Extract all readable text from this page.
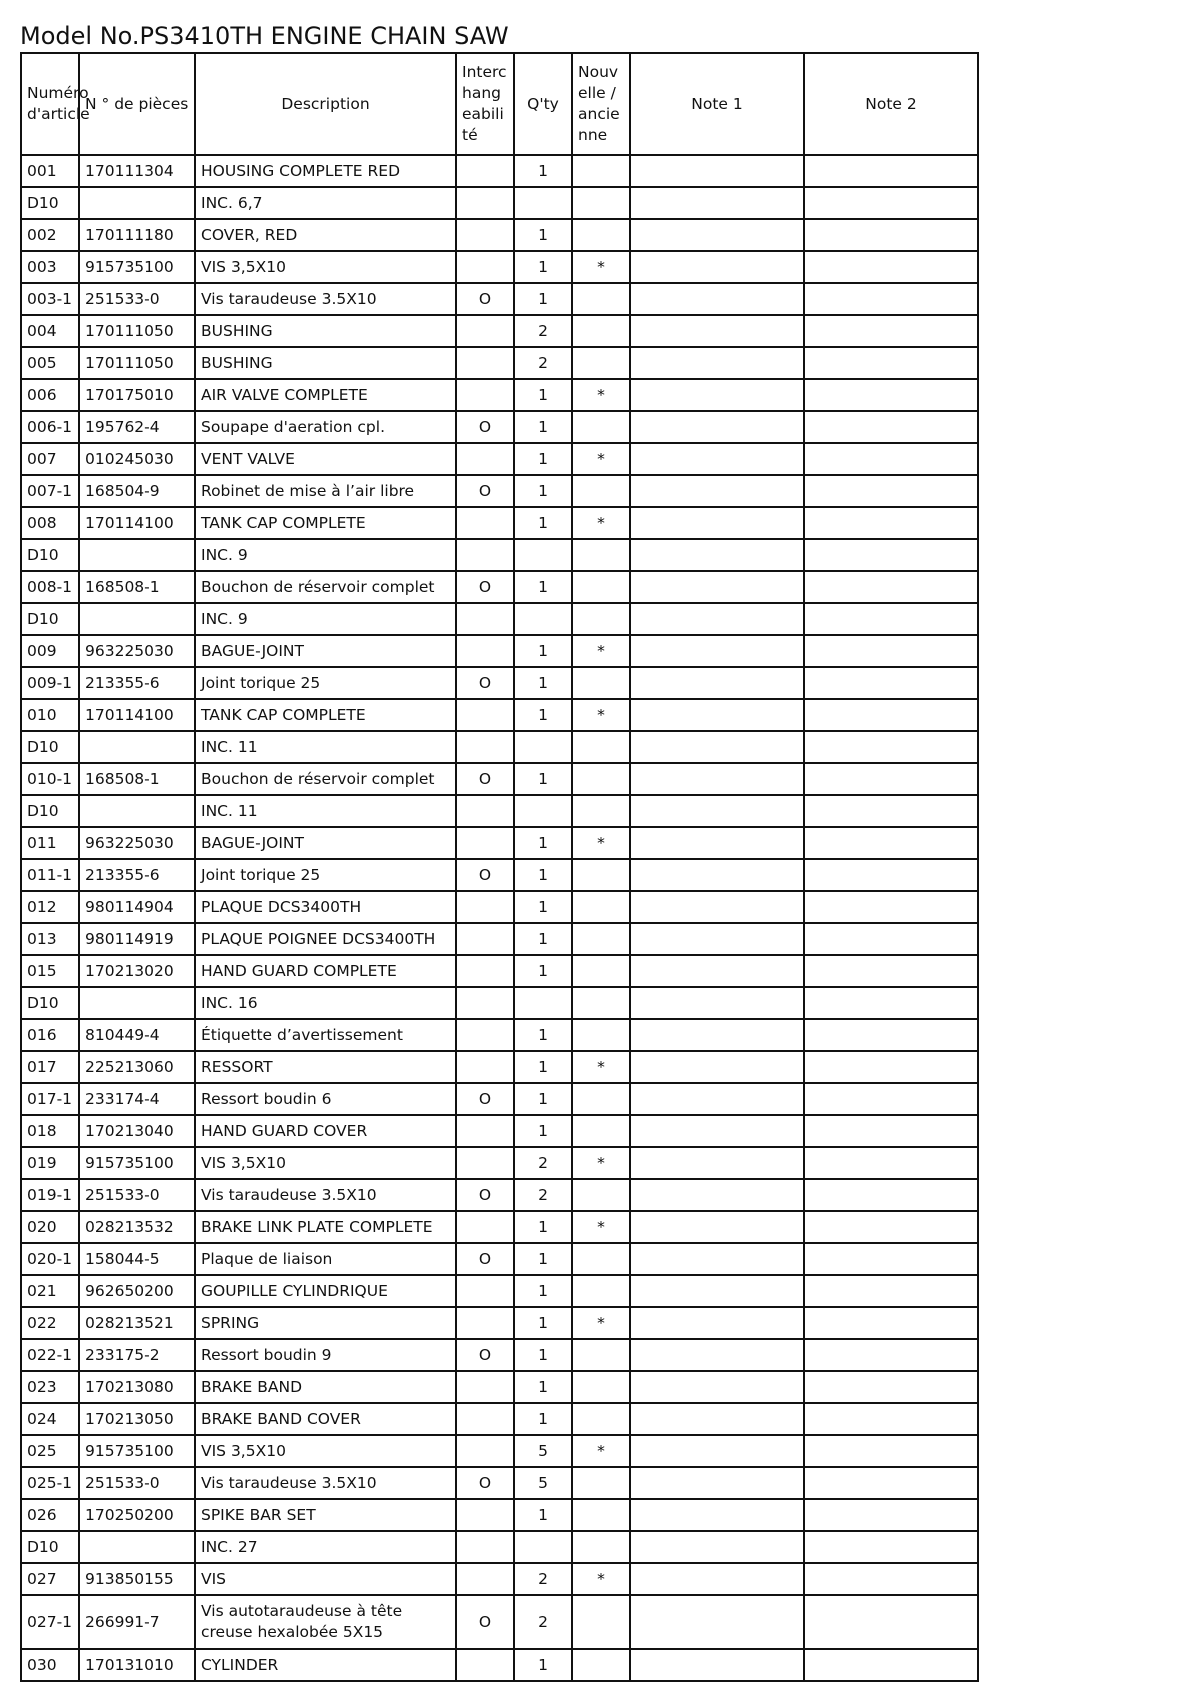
Model No.PS3410TH ENGINE CHAIN SAW
Numéro d'article	N ° de pièces	Description	Interchangeabilité	Q'ty	Nouvelle / ancienne	Note 1	Note 2
001	170111304	HOUSING COMPLETE RED		1			
D10		INC. 6,7					
002	170111180	COVER, RED		1			
003	915735100	VIS 3,5X10		1	*		
003-1	251533-0	Vis taraudeuse 3.5X10	O	1			
004	170111050	BUSHING		2			
005	170111050	BUSHING		2			
006	170175010	AIR VALVE COMPLETE		1	*		
006-1	195762-4	Soupape d'aeration cpl.	O	1			
007	010245030	VENT VALVE		1	*		
007-1	168504-9	Robinet de mise à l’air libre	O	1			
008	170114100	TANK CAP COMPLETE		1	*		
D10		INC. 9					
008-1	168508-1	Bouchon de réservoir complet	O	1			
D10		INC. 9					
009	963225030	BAGUE-JOINT		1	*		
009-1	213355-6	Joint torique 25	O	1			
010	170114100	TANK CAP COMPLETE		1	*		
D10		INC. 11					
010-1	168508-1	Bouchon de réservoir complet	O	1			
D10		INC. 11					
011	963225030	BAGUE-JOINT		1	*		
011-1	213355-6	Joint torique 25	O	1			
012	980114904	PLAQUE DCS3400TH		1			
013	980114919	PLAQUE POIGNEE DCS3400TH		1			
015	170213020	HAND GUARD COMPLETE		1			
D10		INC. 16					
016	810449-4	Étiquette d’avertissement		1			
017	225213060	RESSORT		1	*		
017-1	233174-4	Ressort boudin 6	O	1			
018	170213040	HAND GUARD COVER		1			
019	915735100	VIS 3,5X10		2	*		
019-1	251533-0	Vis taraudeuse 3.5X10	O	2			
020	028213532	BRAKE LINK PLATE COMPLETE		1	*		
020-1	158044-5	Plaque de liaison	O	1			
021	962650200	GOUPILLE CYLINDRIQUE		1			
022	028213521	SPRING		1	*		
022-1	233175-2	Ressort boudin 9	O	1			
023	170213080	BRAKE BAND		1			
024	170213050	BRAKE BAND COVER		1			
025	915735100	VIS 3,5X10		5	*		
025-1	251533-0	Vis taraudeuse 3.5X10	O	5			
026	170250200	SPIKE BAR SET		1			
D10		INC. 27					
027	913850155	VIS		2	*		
027-1	266991-7	Vis autotaraudeuse à tête creuse hexalobée 5X15	O	2			
030	170131010	CYLINDER		1			
